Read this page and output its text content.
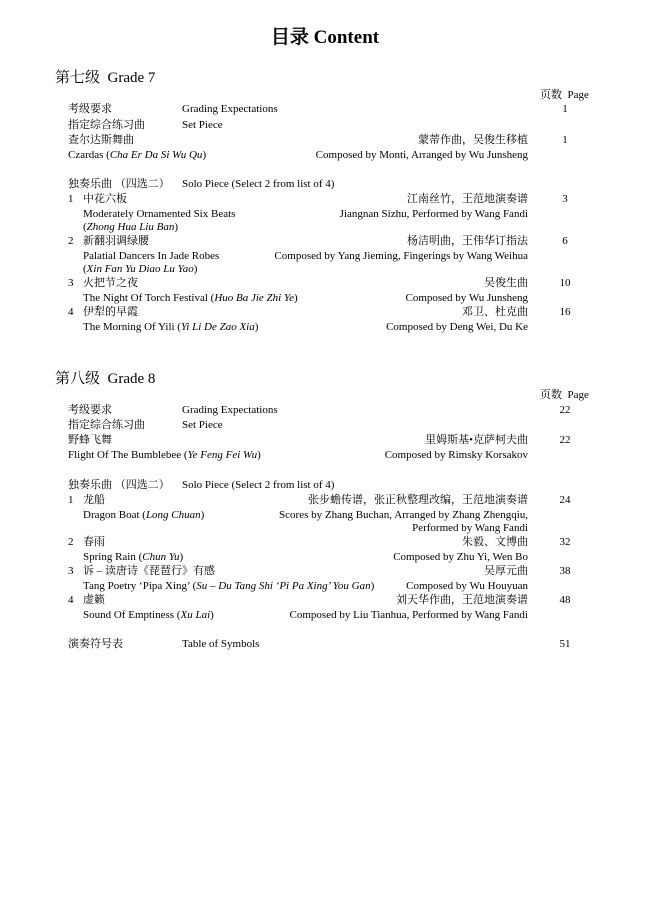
目录 Content
第七级  Grade 7
页数  Page
考级要求	Grading Expectations	1
指定综合练习曲	Set Piece
查尔达斯舞曲	蒙蒂作曲，吴俊生移植	1
Czardas (Cha Er Da Si Wu Qu)	Composed by Monti, Arranged by Wu Junsheng
独奏乐曲 （四选二） Solo Piece (Select 2 from list of 4)
1 中花六板	江南丝竹，王范地演奏谱	3
Moderately Ornamented Six Beats	Jiangnan Sizhu, Performed by Wang Fandi
(Zhong Hua Liu Ban)
2 新翻羽调绿腰	杨洁明曲，王伟华订指法	6
Palatial Dancers In Jade Robes	Composed by Yang Jieming, Fingerings by Wang Weihua
(Xin Fan Yu Diao Lu Yao)
3 火把节之夜	吴俊生曲	10
The Night Of Torch Festival (Huo Ba Jie Zhi Ye)	Composed by Wu Junsheng
4 伊犁的早霞	邓卫、杜克曲	16
The Morning Of Yili (Yi Li De Zao Xia)	Composed by Deng Wei, Du Ke
第八级  Grade 8
页数  Page
考级要求	Grading Expectations	22
指定综合练习曲	Set Piece
野蜂飞舞	里姆斯基•克萨柯夫曲	22
Flight Of The Bumblebee (Ye Feng Fei Wu)	Composed by Rimsky Korsakov
独奏乐曲 （四选二） Solo Piece (Select 2 from list of 4)
1 龙船	张步蟾传谱，张正秋整理改编，王范地演奏谱	24
Dragon Boat (Long Chuan)	Scores by Zhang Buchan, Arranged by Zhang Zhengqiu,
Performed by Wang Fandi
2 春雨	朱毅、文博曲	32
Spring Rain (Chun Yu)	Composed by Zhu Yi, Wen Bo
3 诉 – 读唐诗《琵琶行》有感	吴厚元曲	38
Tang Poetry ‘Pipa Xing’ (Su – Du Tang Shi ‘Pi Pa Xing’ You Gan)	Composed by Wu Houyuan
4 虚籁	刘天华作曲，王范地演奏谱	48
Sound Of Emptiness (Xu Lai)	Composed by Liu Tianhua, Performed by Wang Fandi
演奏符号表	Table of Symbols	51
